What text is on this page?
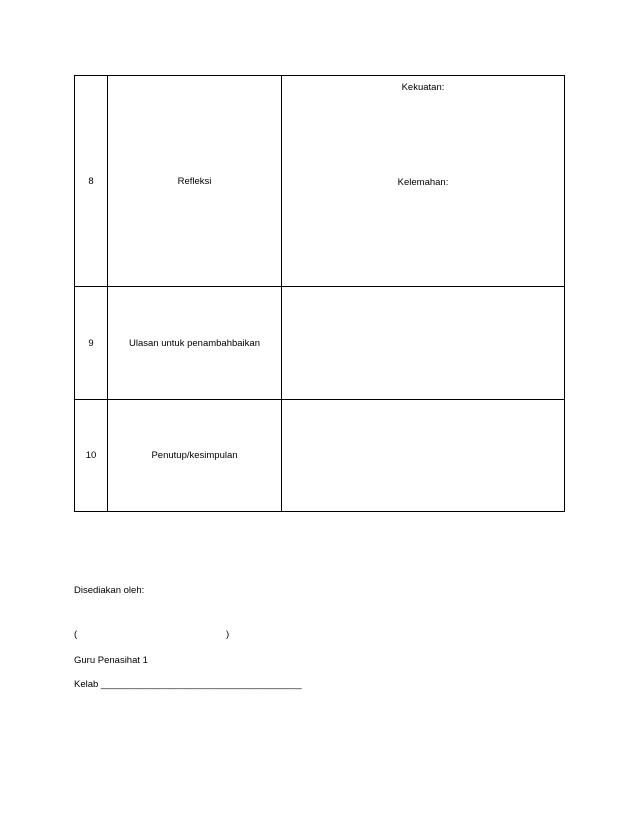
8	Refleksi	Kekuatan:
Kelemahan:

9	Ulasan untuk penambahbaikan	
10	Penutup/kesimpulan	
Disediakan oleh:
(	)
Guru Penasihat 1
Kelab ______________________________________
